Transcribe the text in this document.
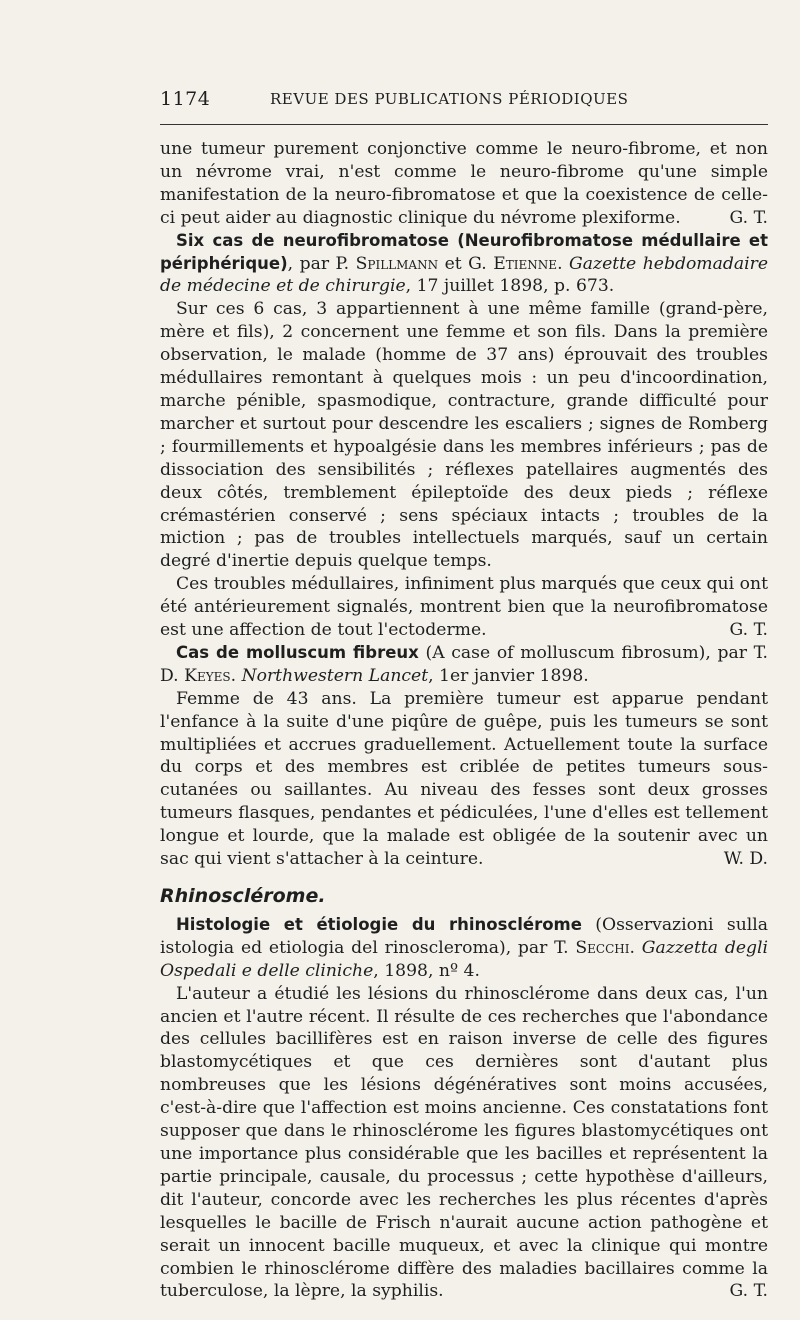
1174	REVUE DES PUBLICATIONS PÉRIODIQUES

une tumeur purement conjonctive comme le neuro-fibrome, et non un névrome vrai, n'est comme le neuro-fibrome qu'une simple manifestation de la neuro-fibromatose et que la coexistence de celle-ci peut aider au diagnostic clinique du névrome plexiforme.	G. T.

Six cas de neurofibromatose (Neurofibromatose médullaire et périphérique), par P. Spillmann et G. Etienne. Gazette hebdomadaire de médecine et de chirurgie, 17 juillet 1898, p. 673.

Sur ces 6 cas, 3 appartiennent à une même famille (grand-père, mère et fils), 2 concernent une femme et son fils. Dans la première observation, le malade (homme de 37 ans) éprouvait des troubles médullaires remontant à quelques mois : un peu d'incoordination, marche pénible, spasmodique, contracture, grande difficulté pour marcher et surtout pour descendre les escaliers ; signes de Romberg ; fourmillements et hypoalgésie dans les membres inférieurs ; pas de dissociation des sensibilités ; réflexes patellaires augmentés des deux côtés, tremblement épileptoïde des deux pieds ; réflexe crémastérien conservé ; sens spéciaux intacts ; troubles de la miction ; pas de troubles intellectuels marqués, sauf un certain degré d'inertie depuis quelque temps.

Ces troubles médullaires, infiniment plus marqués que ceux qui ont été antérieurement signalés, montrent bien que la neurofibromatose est une affection de tout l'ectoderme.	G. T.

Cas de molluscum fibreux (A case of molluscum fibrosum), par T. D. Keyes. Northwestern Lancet, 1er janvier 1898.

Femme de 43 ans. La première tumeur est apparue pendant l'enfance à la suite d'une piqûre de guêpe, puis les tumeurs se sont multipliées et accrues graduellement. Actuellement toute la surface du corps et des membres est criblée de petites tumeurs sous-cutanées ou saillantes. Au niveau des fesses sont deux grosses tumeurs flasques, pendantes et pédiculées, l'une d'elles est tellement longue et lourde, que la malade est obligée de la soutenir avec un sac qui vient s'attacher à la ceinture.	W. D.

Rhinosclérome.

Histologie et étiologie du rhinosclérome (Osservazioni sulla istologia ed etiologia del rinoscleroma), par T. Secchi. Gazzetta degli Ospedali e delle cliniche, 1898, nº 4.

L'auteur a étudié les lésions du rhinosclérome dans deux cas, l'un ancien et l'autre récent. Il résulte de ces recherches que l'abondance des cellules bacillifères est en raison inverse de celle des figures blastomycétiques et que ces dernières sont d'autant plus nombreuses que les lésions dégénératives sont moins accusées, c'est-à-dire que l'affection est moins ancienne. Ces constatations font supposer que dans le rhinosclérome les figures blastomycétiques ont une importance plus considérable que les bacilles et représentent la partie principale, causale, du processus ; cette hypothèse d'ailleurs, dit l'auteur, concorde avec les recherches les plus récentes d'après lesquelles le bacille de Frisch n'aurait aucune action pathogène et serait un innocent bacille muqueux, et avec la clinique qui montre combien le rhinosclérome diffère des maladies bacillaires comme la tuberculose, la lèpre, la syphilis.	G. T.
